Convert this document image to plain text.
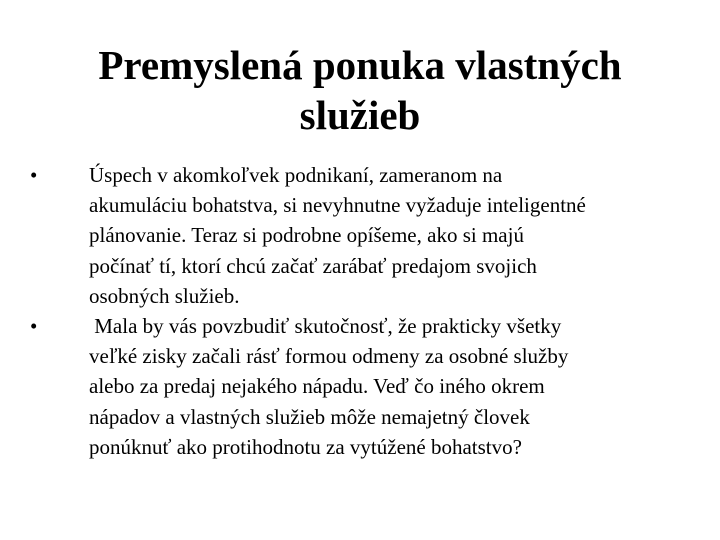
Premyslená ponuka vlastných
služieb
•	Úspech v akomkoľvek podnikaní, zameranom na
akumuláciu bohatstva, si nevyhnutne vyžaduje inteligentné
plánovanie. Teraz si podrobne opíšeme, ako si majú
počínať tí, ktorí chcú začať zarábať predajom svojich
osobných služieb.
•	Mala by vás povzbudiť skutočnosť, že prakticky všetky
veľké zisky začali rásť formou odmeny za osobné služby
alebo za predaj nejakého nápadu. Veď čo iného okrem
nápadov a vlastných služieb môže nemajetný človek
ponúknuť ako protihodnotu za vytúžené bohatstvo?
